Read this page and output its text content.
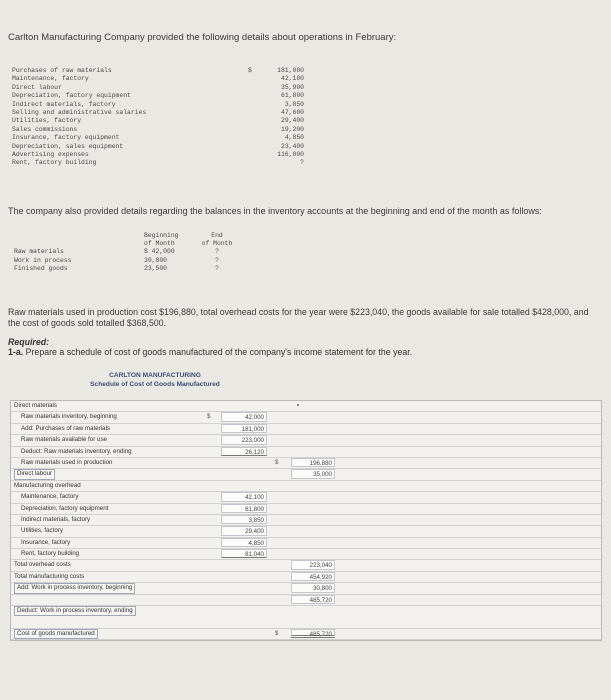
Carlton Manufacturing Company provided the following details about operations in February:
Purchases of raw materials	$	181,000
Maintenance, factory	42,100
Direct labour	35,900
Depreciation, factory equipment	61,800
Indirect materials, factory	3,850
Selling and administrative salaries	47,600
Utilities, factory	29,400
Sales commissions	19,200
Insurance, factory equipment	4,850
Depreciation, sales equipment	23,400
Advertising expenses	116,000
Rent, factory building	?
The company also provided details regarding the balances in the inventory accounts at the beginning and end of the month as follows:
Beginning	End
of Month	of Month
Raw materials	$ 42,000	?
Work in process	30,800	?
Finished goods	23,500	?
Raw materials used in production cost $196,880, total overhead costs for the year were $223,040, the goods available for sale totalled $428,000, and the cost of goods sold totalled $368,500.
Required:
1-a. Prepare a schedule of cost of goods manufactured of the company's income statement for the year.
CARLTON MANUFACTURING
Schedule of Cost of Goods Manufactured
Direct materials
Raw materials inventory, beginning	$	42,000
Add: Purchases of raw materials	181,000
Raw materials available for use	223,000
Deduct: Raw materials inventory, ending	26,120
Raw materials used in production	$	196,880
Direct labour	35,000
Manufacturing overhead
Maintenance, factory	42,100
Depreciation, factory equipment	61,800
Indirect materials, factory	3,850
Utilities, factory	29,400
Insurance, factory	4,850
Rent, factory building	81,040
Total overhead costs	223,040
Total manufacturing costs	454,920
Add: Work in process inventory, beginning	30,800
485,720
Deduct: Work in process inventory, ending
Cost of goods manufactured	$	485,720
